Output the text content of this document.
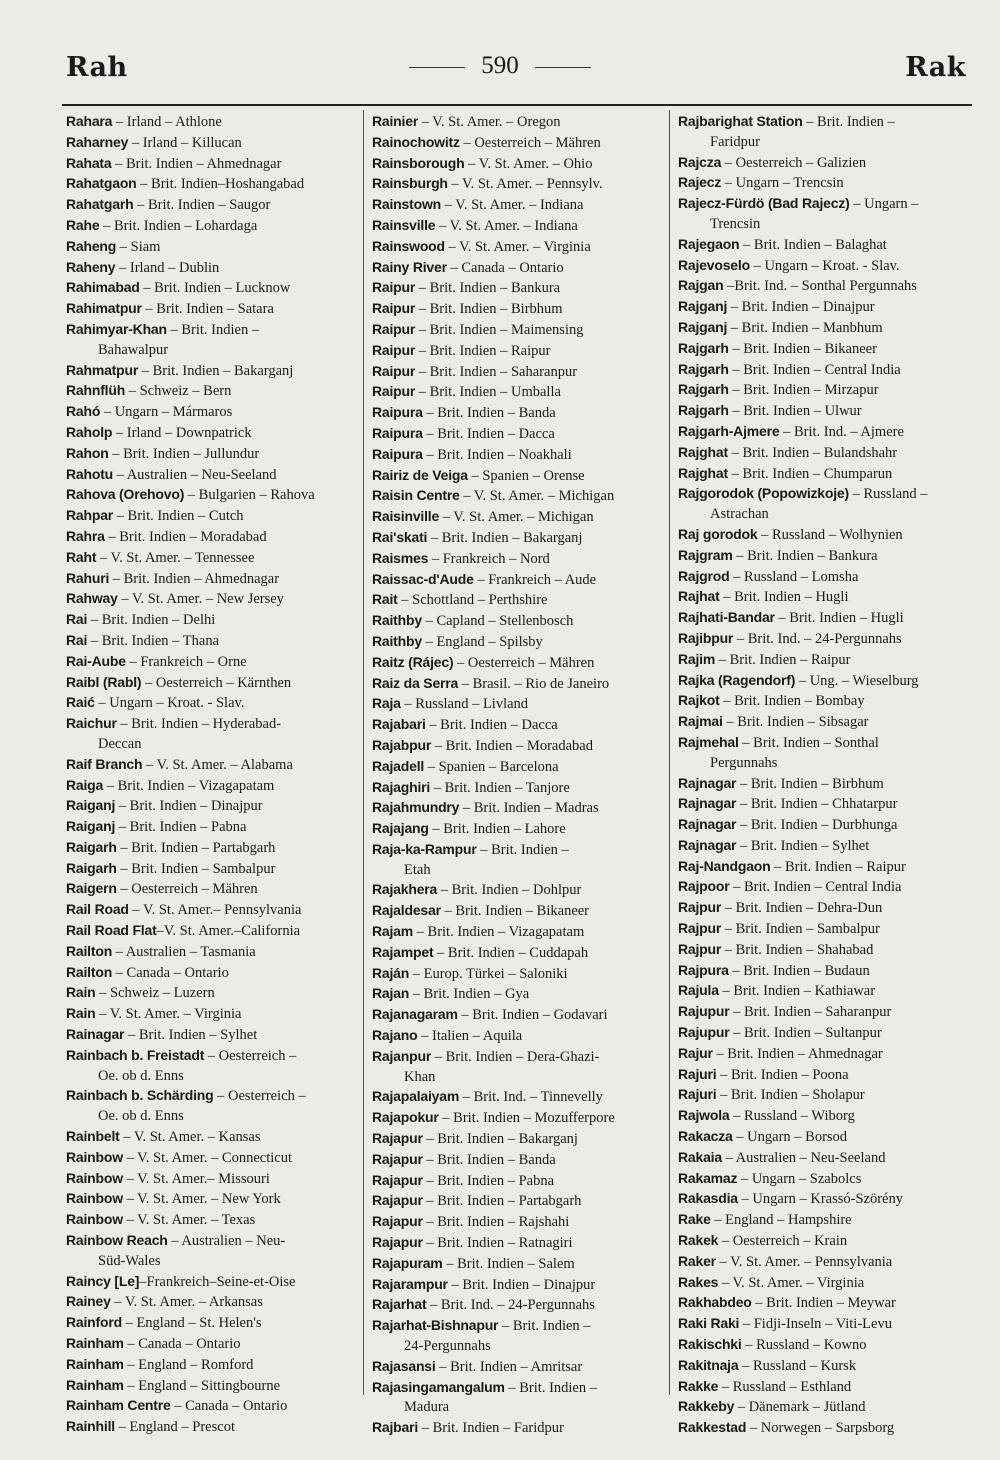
Rah	590	Rak
Rahara – Irland – Athlone
Raharney – Irland – Killucan
Rahata – Brit. Indien – Ahmednagar
Rahatgaon – Brit. Indien–Hoshangabad
Rahatgarh – Brit. Indien – Saugor
Rahe – Brit. Indien – Lohardaga
Raheng – Siam
Raheny – Irland – Dublin
Rahimabad – Brit. Indien – Lucknow
Rahimatpur – Brit. Indien – Satara
Rahimyar-Khan – Brit. Indien –
Bahawalpur
Rahmatpur – Brit. Indien – Bakarganj
Rahnflüh – Schweiz – Bern
Rahó – Ungarn – Mármaros
Raholp – Irland – Downpatrick
Rahon – Brit. Indien – Jullundur
Rahotu – Australien – Neu-Seeland
Rahova (Orehovo) – Bulgarien – Rahova
Rahpar – Brit. Indien – Cutch
Rahra – Brit. Indien – Moradabad
Raht – V. St. Amer. – Tennessee
Rahuri – Brit. Indien – Ahmednagar
Rahway – V. St. Amer. – New Jersey
Rai – Brit. Indien – Delhi
Rai – Brit. Indien – Thana
Rai-Aube – Frankreich – Orne
Raibl (Rabl) – Oesterreich – Kärnthen
Raić – Ungarn – Kroat. - Slav.
Raichur – Brit. Indien – Hyderabad-
Deccan
Raif Branch – V. St. Amer. – Alabama
Raiga – Brit. Indien – Vizagapatam
Raiganj – Brit. Indien – Dinajpur
Raiganj – Brit. Indien – Pabna
Raigarh – Brit. Indien – Partabgarh
Raigarh – Brit. Indien – Sambalpur
Raigern – Oesterreich – Mähren
Rail Road – V. St. Amer.– Pennsylvania
Rail Road Flat–V. St. Amer.–California
Railton – Australien – Tasmania
Railton – Canada – Ontario
Rain – Schweiz – Luzern
Rain – V. St. Amer. – Virginia
Rainagar – Brit. Indien – Sylhet
Rainbach b. Freistadt – Oesterreich –
Oe. ob d. Enns
Rainbach b. Schärding – Oesterreich –
Oe. ob d. Enns
Rainbelt – V. St. Amer. – Kansas
Rainbow – V. St. Amer. – Connecticut
Rainbow – V. St. Amer.– Missouri
Rainbow – V. St. Amer. – New York
Rainbow – V. St. Amer. – Texas
Rainbow Reach – Australien – Neu-
Süd-Wales
Raincy [Le]–Frankreich–Seine-et-Oise
Rainey – V. St. Amer. – Arkansas
Rainford – England – St. Helen's
Rainham – Canada – Ontario
Rainham – England – Romford
Rainham – England – Sittingbourne
Rainham Centre – Canada – Ontario
Rainhill – England – Prescot
Rainier – V. St. Amer. – Oregon
Rainochowitz – Oesterreich – Mähren
Rainsborough – V. St. Amer. – Ohio
Rainsburgh – V. St. Amer. – Pennsylv.
Rainstown – V. St. Amer. – Indiana
Rainsville – V. St. Amer. – Indiana
Rainswood – V. St. Amer. – Virginia
Rainy River – Canada – Ontario
Raipur – Brit. Indien – Bankura
Raipur – Brit. Indien – Birbhum
Raipur – Brit. Indien – Maimensing
Raipur – Brit. Indien – Raipur
Raipur – Brit. Indien – Saharanpur
Raipur – Brit. Indien – Umballa
Raipura – Brit. Indien – Banda
Raipura – Brit. Indien – Dacca
Raipura – Brit. Indien – Noakhali
Rairiz de Veiga – Spanien – Orense
Raisin Centre – V. St. Amer. – Michigan
Raisinville – V. St. Amer. – Michigan
Rai'skati – Brit. Indien – Bakarganj
Raismes – Frankreich – Nord
Raissac-d'Aude – Frankreich – Aude
Rait – Schottland – Perthshire
Raithby – Capland – Stellenbosch
Raithby – England – Spilsby
Raitz (Rájec) – Oesterreich – Mähren
Raiz da Serra – Brasil. – Rio de Janeiro
Raja – Russland – Livland
Rajabari – Brit. Indien – Dacca
Rajabpur – Brit. Indien – Moradabad
Rajadell – Spanien – Barcelona
Rajaghiri – Brit. Indien – Tanjore
Rajahmundry – Brit. Indien – Madras
Rajajang – Brit. Indien – Lahore
Raja-ka-Rampur – Brit. Indien –
Etah
Rajakhera – Brit. Indien – Dohlpur
Rajaldesar – Brit. Indien – Bikaneer
Rajam – Brit. Indien – Vizagapatam
Rajampet – Brit. Indien – Cuddapah
Raján – Europ. Türkei – Saloniki
Rajan – Brit. Indien – Gya
Rajanagaram – Brit. Indien – Godavari
Rajano – Italien – Aquila
Rajanpur – Brit. Indien – Dera-Ghazi-
Khan
Rajapalaiyam – Brit. Ind. – Tinnevelly
Rajapokur – Brit. Indien – Mozufferpore
Rajapur – Brit. Indien – Bakarganj
Rajapur – Brit. Indien – Banda
Rajapur – Brit. Indien – Pabna
Rajapur – Brit. Indien – Partabgarh
Rajapur – Brit. Indien – Rajshahi
Rajapur – Brit. Indien – Ratnagiri
Rajapuram – Brit. Indien – Salem
Rajarampur – Brit. Indien – Dinajpur
Rajarhat – Brit. Ind. – 24-Pergunnahs
Rajarhat-Bishnapur – Brit. Indien –
24-Pergunnahs
Rajasansi – Brit. Indien – Amritsar
Rajasingamangalum – Brit. Indien –
Madura
Rajbari – Brit. Indien – Faridpur
Rajbarighat Station – Brit. Indien –
Faridpur
Rajcza – Oesterreich – Galizien
Rajecz – Ungarn – Trencsin
Rajecz-Fürdö (Bad Rajecz) – Ungarn –
Trencsin
Rajegaon – Brit. Indien – Balaghat
Rajevoselo – Ungarn – Kroat. - Slav.
Rajgan –Brit. Ind. – Sonthal Pergunnahs
Rajganj – Brit. Indien – Dinajpur
Rajganj – Brit. Indien – Manbhum
Rajgarh – Brit. Indien – Bikaneer
Rajgarh – Brit. Indien – Central India
Rajgarh – Brit. Indien – Mirzapur
Rajgarh – Brit. Indien – Ulwur
Rajgarh-Ajmere – Brit. Ind. – Ajmere
Rajghat – Brit. Indien – Bulandshahr
Rajghat – Brit. Indien – Chumparun
Rajgorodok (Popowizkoje) – Russland –
Astrachan
Raj gorodok – Russland – Wolhynien
Rajgram – Brit. Indien – Bankura
Rajgrod – Russland – Lomsha
Rajhat – Brit. Indien – Hugli
Rajhati-Bandar – Brit. Indien – Hugli
Rajibpur – Brit. Ind. – 24-Pergunnahs
Rajim – Brit. Indien – Raipur
Rajka (Ragendorf) – Ung. – Wieselburg
Rajkot – Brit. Indien – Bombay
Rajmai – Brit. Indien – Sibsagar
Rajmehal – Brit. Indien – Sonthal
Pergunnahs
Rajnagar – Brit. Indien – Birbhum
Rajnagar – Brit. Indien – Chhatarpur
Rajnagar – Brit. Indien – Durbhunga
Rajnagar – Brit. Indien – Sylhet
Raj-Nandgaon – Brit. Indien – Raipur
Rajpoor – Brit. Indien – Central India
Rajpur – Brit. Indien – Dehra-Dun
Rajpur – Brit. Indien – Sambalpur
Rajpur – Brit. Indien – Shahabad
Rajpura – Brit. Indien – Budaun
Rajula – Brit. Indien – Kathiawar
Rajupur – Brit. Indien – Saharanpur
Rajupur – Brit. Indien – Sultanpur
Rajur – Brit. Indien – Ahmednagar
Rajuri – Brit. Indien – Poona
Rajuri – Brit. Indien – Sholapur
Rajwola – Russland – Wiborg
Rakacza – Ungarn – Borsod
Rakaia – Australien – Neu-Seeland
Rakamaz – Ungarn – Szabolcs
Rakasdia – Ungarn – Krassó-Szörény
Rake – England – Hampshire
Rakek – Oesterreich – Krain
Raker – V. St. Amer. – Pennsylvania
Rakes – V. St. Amer. – Virginia
Rakhabdeo – Brit. Indien – Meywar
Raki Raki – Fidji-Inseln – Viti-Levu
Rakischki – Russland – Kowno
Rakitnaja – Russland – Kursk
Rakke – Russland – Esthland
Rakkeby – Dänemark – Jütland
Rakkestad – Norwegen – Sarpsborg
